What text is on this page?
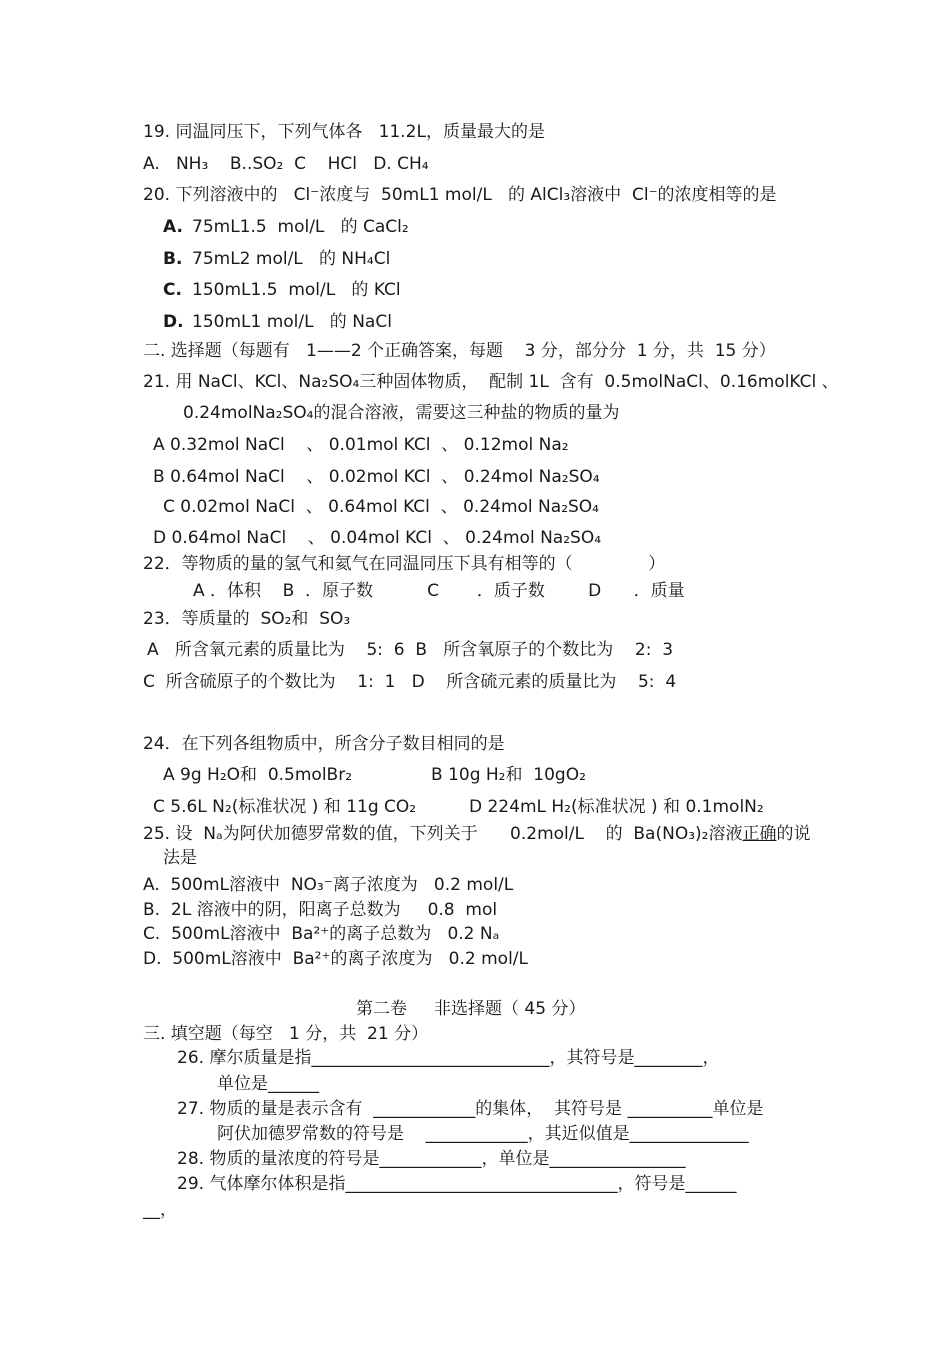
19. 同温同压下，下列气体各   11.2L，质量最大的是
A.   NH₃    B..SO₂  C    HCl   D. CH₄
20. 下列溶液中的   Cl⁻浓度与  50mL1 mol/L   的 AlCl₃溶液中  Cl⁻的浓度相等的是
A. 75mL1.5  mol/L   的 CaCl₂
B. 75mL2 mol/L   的 NH₄Cl
C. 150mL1.5  mol/L   的 KCl
D. 150mL1 mol/L   的 NaCl
二. 选择题（每题有   1——2 个正确答案，每题    3 分，部分分  1 分，共  15 分）
21. 用 NaCl、KCl、Na₂SO₄三种固体物质，  配制 1L  含有  0.5molNaCl、0.16molKCl 、
0.24molNa₂SO₄的混合溶液，需要这三种盐的物质的量为
A 0.32mol NaCl    、 0.01mol KCl  、 0.12mol Na₂
B 0.64mol NaCl    、 0.02mol KCl  、 0.24mol Na₂SO₄
C 0.02mol NaCl  、 0.64mol KCl  、 0.24mol Na₂SO₄
D 0.64mol NaCl    、 0.04mol KCl  、 0.24mol Na₂SO₄
22．等物质的量的氢气和氦气在同温同压下具有相等的（              ）
A ．体积    B  ．原子数          C       ．质子数        D      ．质量
23．等质量的  SO₂和  SO₃
A   所含氧元素的质量比为    5:  6  B   所含氧原子的个数比为    2:  3
C  所含硫原子的个数比为    1:  1   D    所含硫元素的质量比为    5:  4
24．在下列各组物质中，所含分子数目相同的是
A 9g H₂O和  0.5molBr₂	B 10g H₂和  10gO₂
C 5.6L N₂(标准状况 ) 和 11g CO₂	D 224mL H₂(标准状况 ) 和 0.1molN₂
25. 设  Nₐ为阿伏加德罗常数的值，下列关于      0.2mol/L    的  Ba(NO₃)₂溶液正确的说
法是
A.  500mL溶液中  NO₃⁻离子浓度为   0.2 mol/L
B.  2L 溶液中的阴，阳离子总数为     0.8  mol
C.  500mL溶液中  Ba²⁺的离子总数为   0.2 Nₐ
D.  500mL溶液中  Ba²⁺的离子浓度为   0.2 mol/L
第二卷     非选择题（ 45 分）
三. 填空题（每空   1 分，共  21 分）
26. 摩尔质量是指____________________________，其符号是________，
单位是______
27. 物质的量是表示含有  ____________的集体，  其符号是 __________单位是
阿伏加德罗常数的符号是    ____________，其近似值是______________
28. 物质的量浓度的符号是____________，单位是________________
29. 气体摩尔体积是指________________________________，符号是______
__，
